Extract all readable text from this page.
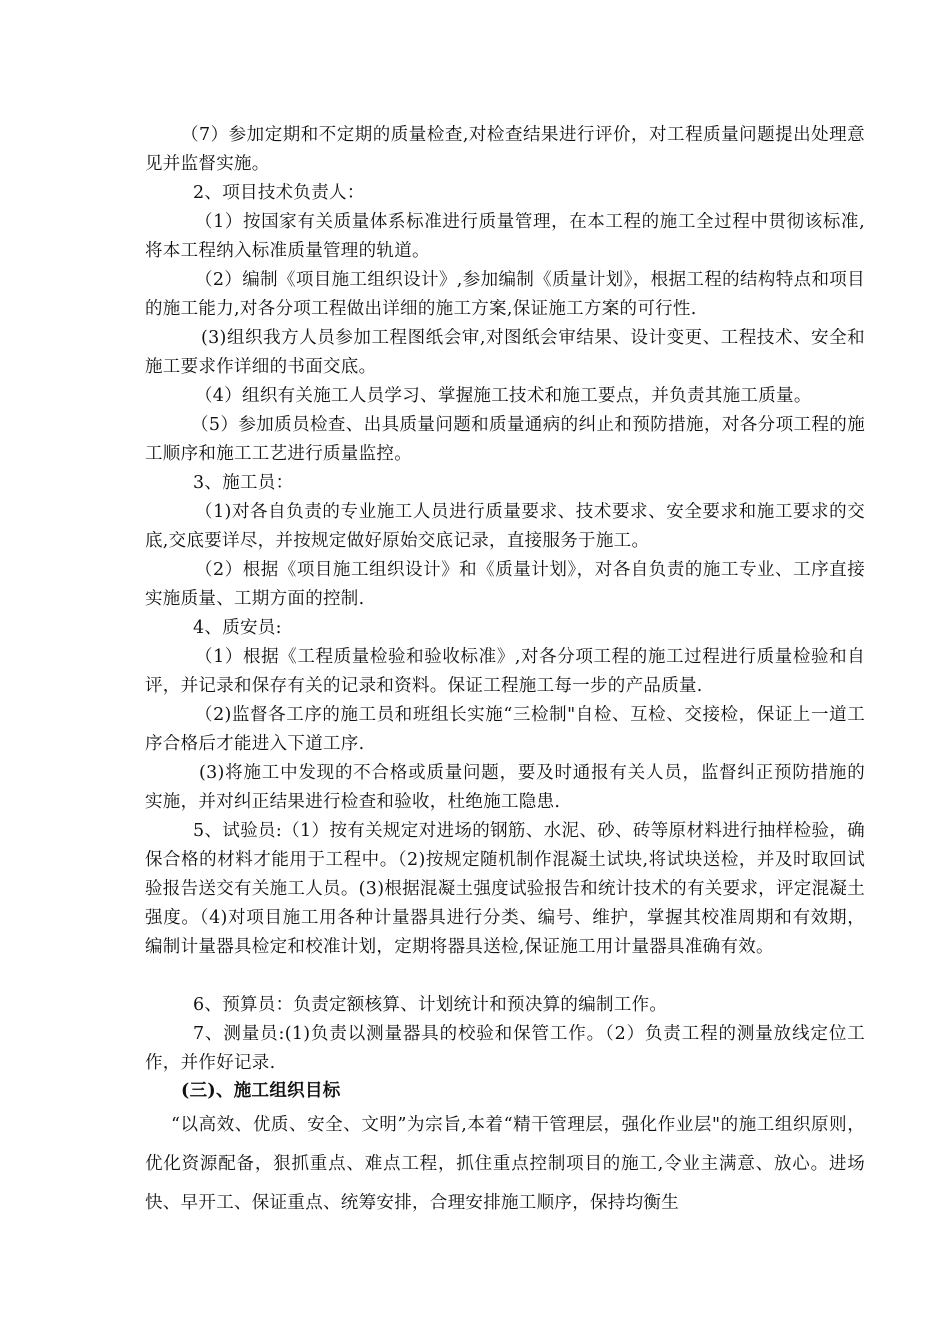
（7）参加定期和不定期的质量检查,对检查结果进行评价，对工程质量问题提出处理意见并监督实施。

2、项目技术负责人：

（1）按国家有关质量体系标准进行质量管理，在本工程的施工全过程中贯彻该标准,将本工程纳入标准质量管理的轨道。

（2）编制《项目施工组织设计》,参加编制《质量计划》，根据工程的结构特点和项目的施工能力,对各分项工程做出详细的施工方案,保证施工方案的可行性.

(3)组织我方人员参加工程图纸会审,对图纸会审结果、设计变更、工程技术、安全和施工要求作详细的书面交底。

（4）组织有关施工人员学习、掌握施工技术和施工要点，并负责其施工质量。

（5）参加质员检查、出具质量问题和质量通病的纠止和预防措施，对各分项工程的施工顺序和施工工艺进行质量监控。

3、施工员：

（1)对各自负责的专业施工人员进行质量要求、技术要求、安全要求和施工要求的交底,交底要详尽，并按规定做好原始交底记录，直接服务于施工。

（2）根据《项目施工组织设计》和《质量计划》，对各自负责的施工专业、工序直接实施质量、工期方面的控制.

4、质安员:

（1）根据《工程质量检验和验收标准》,对各分项工程的施工过程进行质量检验和自评，并记录和保存有关的记录和资料。保证工程施工每一步的产品质量.

（2)监督各工序的施工员和班组长实施“三检制"自检、互检、交接检，保证上一道工序合格后才能进入下道工序.

(3)将施工中发现的不合格或质量问题，要及时通报有关人员，监督纠正预防措施的实施，并对纠正结果进行检查和验收，杜绝施工隐患.

5、试验员:（1）按有关规定对进场的钢筋、水泥、砂、砖等原材料进行抽样检验，确保合格的材料才能用于工程中。（2)按规定随机制作混凝土试块,将试块送检，并及时取回试验报告送交有关施工人员。(3)根据混凝土强度试验报告和统计技术的有关要求，评定混凝土强度。（4)对项目施工用各种计量器具进行分类、编号、维护，掌握其校准周期和有效期，编制计量器具检定和校准计划，定期将器具送检,保证施工用计量器具准确有效。

6、预算员：负责定额核算、计划统计和预决算的编制工作。

7、测量员:(1)负责以测量器具的校验和保管工作。（2）负责工程的测量放线定位工作，并作好记录.

(三)、施工组织目标

“以高效、优质、安全、文明”为宗旨,本着“精干管理层，强化作业层"的施工组织原则，优化资源配备，狠抓重点、难点工程，抓住重点控制项目的施工,令业主满意、放心。进场快、早开工、保证重点、统筹安排，合理安排施工顺序，保持均衡生
